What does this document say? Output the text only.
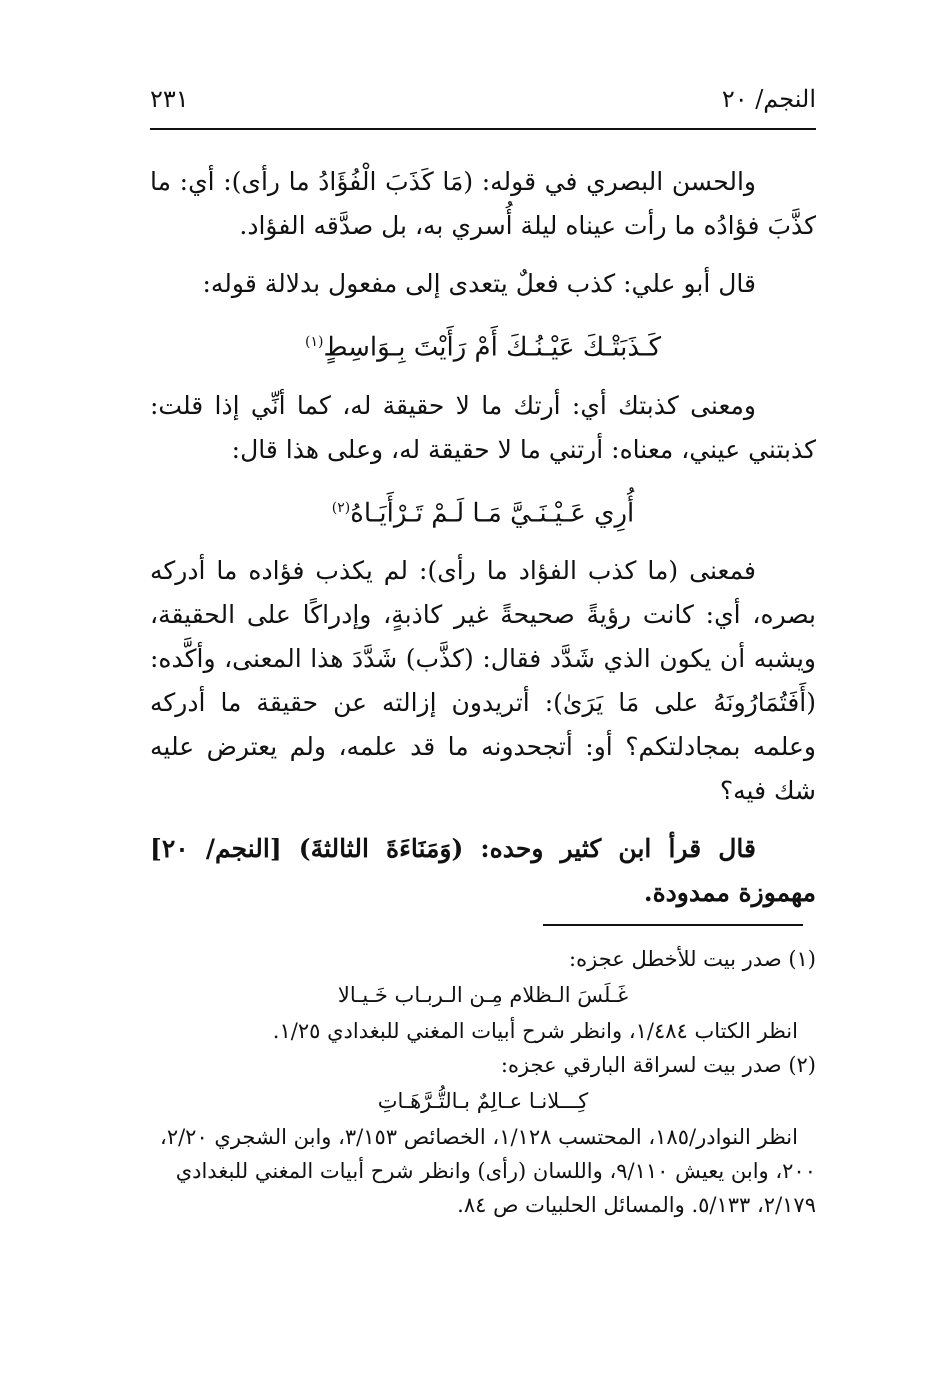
النجم/ ٢٠
٢٣١

والحسن البصري في قوله: (مَا كَذَبَ الْفُؤَادُ ما رأى): أي: ما كذَّبَ فؤادُه ما رأت عيناه ليلة أُسري به، بل صدَّقه الفؤاد.

قال أبو علي: كذب فعلٌ يتعدى إلى مفعول بدلالة قوله:

كَـذَبَتْـكَ عَيْـنُـكَ أَمْ رَأَيْتَ بِـوَاسِطٍ$^{(١)}$

ومعنى كذبتك أي: أرتك ما لا حقيقة له، كما أنِّي إذا قلت: كذبتني عيني، معناه: أرتني ما لا حقيقة له، وعلى هذا قال:

أُرِي عَـيْـنَـيَّ مَـا لَـمْ تَـرْأَيَـاهُ$^{(٢)}$

فمعنى (ما كذب الفؤاد ما رأى): لم يكذب فؤاده ما أدركه بصره، أي: كانت رؤيةً صحيحةً غير كاذبةٍ، وإدراكًا على الحقيقة، ويشبه أن يكون الذي شَدَّد فقال: (كذَّب) شَدَّدَ هذا المعنى، وأكَّده: (أَفَتُمَارُونَهُ على مَا يَرَىٰ): أتريدون إزالته عن حقيقة ما أدركه وعلمه بمجادلتكم؟ أو: أتجحدونه ما قد علمه، ولم يعترض عليه شك فيه؟

قال قرأ ابن كثير وحده: (وَمَنَاءَةَ الثالثةَ) [النجم/ ٢٠] مهموزة ممدودة.

(١) صدر بيت للأخطل عجزه:

غَـلَسَ الـظلام مِـن الـربـاب خَـيـالا

انظر الكتاب ١/٤٨٤، وانظر شرح أبيات المغني للبغدادي ١/٢٥.

(٢) صدر بيت لسراقة البارقي عجزه:

كِـــلانـا عـالِمٌ بـالتُّـرَّهَـاتِ

انظر النوادر/١٨٥، المحتسب ١/١٢٨، الخصائص ٣/١٥٣، وابن الشجري ٢/٢٠، ٢٠٠، وابن يعيش ٩/١١٠، واللسان (رأى) وانظر شرح أبيات المغني للبغدادي ٢/١٧٩، ٥/١٣٣. والمسائل الحلبيات ص ٨٤.
